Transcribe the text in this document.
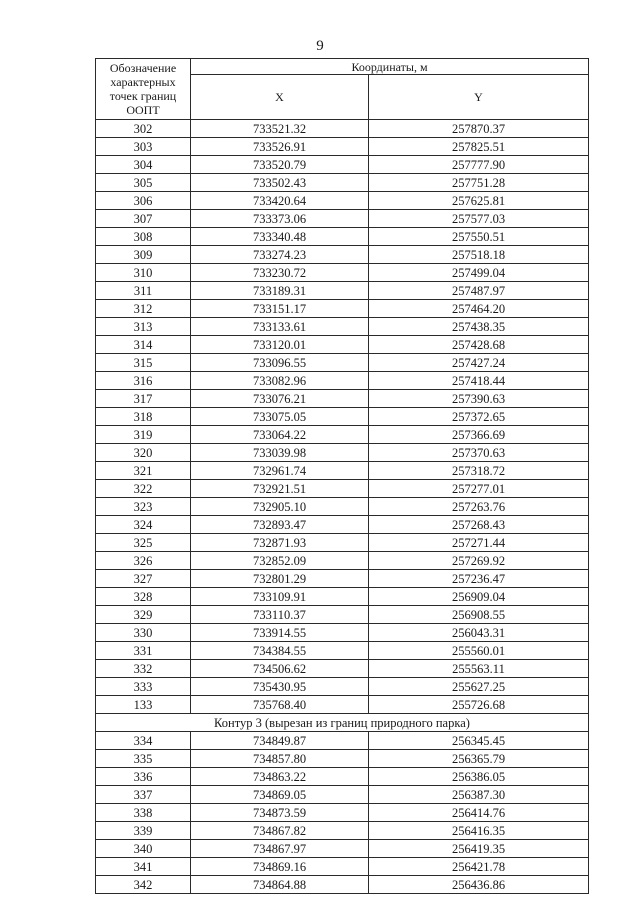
9
Обозначение характерных точек границ ООПТ	Координаты, м	
	X	Y
302	733521.32	257870.37
303	733526.91	257825.51
304	733520.79	257777.90
305	733502.43	257751.28
306	733420.64	257625.81
307	733373.06	257577.03
308	733340.48	257550.51
309	733274.23	257518.18
310	733230.72	257499.04
311	733189.31	257487.97
312	733151.17	257464.20
313	733133.61	257438.35
314	733120.01	257428.68
315	733096.55	257427.24
316	733082.96	257418.44
317	733076.21	257390.63
318	733075.05	257372.65
319	733064.22	257366.69
320	733039.98	257370.63
321	732961.74	257318.72
322	732921.51	257277.01
323	732905.10	257263.76
324	732893.47	257268.43
325	732871.93	257271.44
326	732852.09	257269.92
327	732801.29	257236.47
328	733109.91	256909.04
329	733110.37	256908.55
330	733914.55	256043.31
331	734384.55	255560.01
332	734506.62	255563.11
333	735430.95	255627.25
133	735768.40	255726.68
Контур 3 (вырезан из границ природного парка)		
334	734849.87	256345.45
335	734857.80	256365.79
336	734863.22	256386.05
337	734869.05	256387.30
338	734873.59	256414.76
339	734867.82	256416.35
340	734867.97	256419.35
341	734869.16	256421.78
342	734864.88	256436.86
